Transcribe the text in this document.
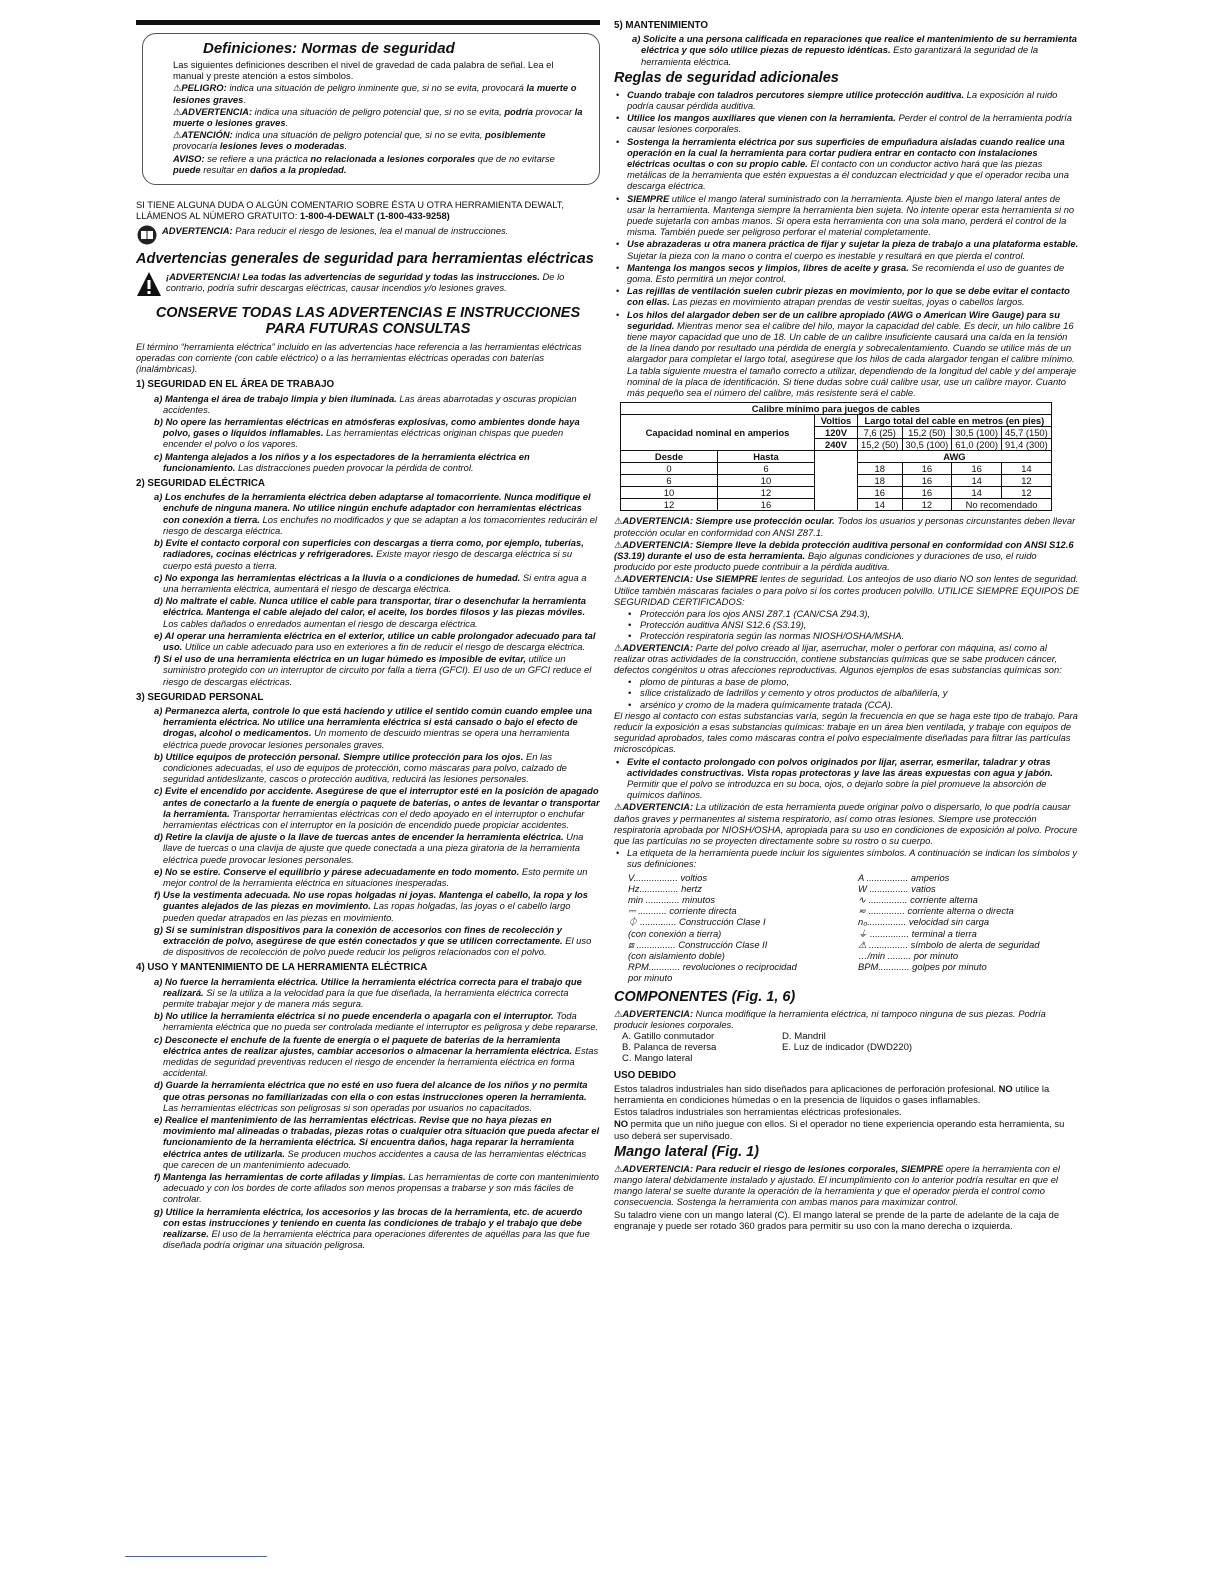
Definiciones: Normas de seguridad

Las siguientes definiciones describen el nivel de gravedad de cada palabra de señal. Lea el manual y preste atención a estos símbolos.

⚠PELIGRO: indica una situación de peligro inminente que, si no se evita, provocará la muerte o lesiones graves.

⚠ADVERTENCIA: indica una situación de peligro potencial que, si no se evita, podría provocar la muerte o lesiones graves.

⚠ATENCIÓN: indica una situación de peligro potencial que, si no se evita, posiblemente provocaría lesiones leves o moderadas.

AVISO: se refiere a una práctica no relacionada a lesiones corporales que de no evitarse puede resultar en daños a la propiedad.

SI TIENE ALGUNA DUDA O ALGÚN COMENTARIO SOBRE ÉSTA U OTRA HERRAMIENTA DEWALT, LLÁMENOS AL NÚMERO GRATUITO: 1-800-4-DEWALT (1-800-433-9258)

ADVERTENCIA: Para reducir el riesgo de lesiones, lea el manual de instrucciones.

Advertencias generales de seguridad para herramientas eléctricas

¡ADVERTENCIA! Lea todas las advertencias de seguridad y todas las instrucciones. De lo contrario, podría sufrir descargas eléctricas, causar incendios y/o lesiones graves.

CONSERVE TODAS LAS ADVERTENCIAS E INSTRUCCIONES PARA FUTURAS CONSULTAS

El término “herramienta eléctrica” incluido en las advertencias hace referencia a las herramientas eléctricas operadas con corriente (con cable eléctrico) o a las herramientas eléctricas operadas con baterías (inalámbricas).

1) SEGURIDAD EN EL ÁREA DE TRABAJO

a) Mantenga el área de trabajo limpia y bien iluminada. Las áreas abarrotadas y oscuras propician accidentes.

b) No opere las herramientas eléctricas en atmósferas explosivas, como ambientes donde haya polvo, gases o líquidos inflamables. Las herramientas eléctricas originan chispas que pueden encender el polvo o los vapores.

c) Mantenga alejados a los niños y a los espectadores de la herramienta eléctrica en funcionamiento. Las distracciones pueden provocar la pérdida de control.

2) SEGURIDAD ELÉCTRICA

a) Los enchufes de la herramienta eléctrica deben adaptarse al tomacorriente. Nunca modifique el enchufe de ninguna manera. No utilice ningún enchufe adaptador con herramientas eléctricas con conexión a tierra. Los enchufes no modificados y que se adaptan a los tomacorrientes reducirán el riesgo de descarga eléctrica.

b) Evite el contacto corporal con superficies con descargas a tierra como, por ejemplo, tuberías, radiadores, cocinas eléctricas y refrigeradores. Existe mayor riesgo de descarga eléctrica si su cuerpo está puesto a tierra.

c) No exponga las herramientas eléctricas a la lluvia o a condiciones de humedad. Si entra agua a una herramienta eléctrica, aumentará el riesgo de descarga eléctrica.

d) No maltrate el cable. Nunca utilice el cable para transportar, tirar o desenchufar la herramienta eléctrica. Mantenga el cable alejado del calor, el aceite, los bordes filosos y las piezas móviles. Los cables dañados o enredados aumentan el riesgo de descarga eléctrica.

e) Al operar una herramienta eléctrica en el exterior, utilice un cable prolongador adecuado para tal uso. Utilice un cable adecuado para uso en exteriores a fin de reducir el riesgo de descarga eléctrica.

f) Si el uso de una herramienta eléctrica en un lugar húmedo es imposible de evitar, utilice un suministro protegido con un interruptor de circuito por falla a tierra (GFCI). El uso de un GFCI reduce el riesgo de descargas eléctricas.

3) SEGURIDAD PERSONAL

a) Permanezca alerta, controle lo que está haciendo y utilice el sentido común cuando emplee una herramienta eléctrica. No utilice una herramienta eléctrica si está cansado o bajo el efecto de drogas, alcohol o medicamentos. Un momento de descuido mientras se opera una herramienta eléctrica puede provocar lesiones personales graves.

b) Utilice equipos de protección personal. Siempre utilice protección para los ojos. En las condiciones adecuadas, el uso de equipos de protección, como máscaras para polvo, calzado de seguridad antideslizante, cascos o protección auditiva, reducirá las lesiones personales.

c) Evite el encendido por accidente. Asegúrese de que el interruptor esté en la posición de apagado antes de conectarlo a la fuente de energía o paquete de baterías, o antes de levantar o transportar la herramienta. Transportar herramientas eléctricas con el dedo apoyado en el interruptor o enchufar herramientas eléctricas con el interruptor en la posición de encendido puede propiciar accidentes.

d) Retire la clavija de ajuste o la llave de tuercas antes de encender la herramienta eléctrica. Una llave de tuercas o una clavija de ajuste que quede conectada a una pieza giratoria de la herramienta eléctrica puede provocar lesiones personales.

e) No se estire. Conserve el equilibrio y párese adecuadamente en todo momento. Esto permite un mejor control de la herramienta eléctrica en situaciones inesperadas.

f) Use la vestimenta adecuada. No use ropas holgadas ni joyas. Mantenga el cabello, la ropa y los guantes alejados de las piezas en movimiento. Las ropas holgadas, las joyas o el cabello largo pueden quedar atrapados en las piezas en movimiento.

g) Si se suministran dispositivos para la conexión de accesorios con fines de recolección y extracción de polvo, asegúrese de que estén conectados y que se utilicen correctamente. El uso de dispositivos de recolección de polvo puede reducir los peligros relacionados con el polvo.

4) USO Y MANTENIMIENTO DE LA HERRAMIENTA ELÉCTRICA

a) No fuerce la herramienta eléctrica. Utilice la herramienta eléctrica correcta para el trabajo que realizará. Si se la utiliza a la velocidad para la que fue diseñada, la herramienta eléctrica correcta permite trabajar mejor y de manera más segura.

b) No utilice la herramienta eléctrica si no puede encenderla o apagarla con el interruptor. Toda herramienta eléctrica que no pueda ser controlada mediante el interruptor es peligrosa y debe repararse.

c) Desconecte el enchufe de la fuente de energía o el paquete de baterías de la herramienta eléctrica antes de realizar ajustes, cambiar accesorios o almacenar la herramienta eléctrica. Estas medidas de seguridad preventivas reducen el riesgo de encender la herramienta eléctrica en forma accidental.

d) Guarde la herramienta eléctrica que no esté en uso fuera del alcance de los niños y no permita que otras personas no familiarizadas con ella o con estas instrucciones operen la herramienta. Las herramientas eléctricas son peligrosas si son operadas por usuarios no capacitados.

e) Realice el mantenimiento de las herramientas eléctricas. Revise que no haya piezas en movimiento mal alineadas o trabadas, piezas rotas o cualquier otra situación que pueda afectar el funcionamiento de la herramienta eléctrica. Si encuentra daños, haga reparar la herramienta eléctrica antes de utilizarla. Se producen muchos accidentes a causa de las herramientas eléctricas que carecen de un mantenimiento adecuado.

f) Mantenga las herramientas de corte afiladas y limpias. Las herramientas de corte con mantenimiento adecuado y con los bordes de corte afilados son menos propensas a trabarse y son más fáciles de controlar.

g) Utilice la herramienta eléctrica, los accesorios y las brocas de la herramienta, etc. de acuerdo con estas instrucciones y teniendo en cuenta las condiciones de trabajo y el trabajo que debe realizarse. El uso de la herramienta eléctrica para operaciones diferentes de aquéllas para las que fue diseñada podría originar una situación peligrosa.

5) MANTENIMIENTO

a) Solicite a una persona calificada en reparaciones que realice el mantenimiento de su herramienta eléctrica y que sólo utilice piezas de repuesto idénticas. Esto garantizará la seguridad de la herramienta eléctrica.

Reglas de seguridad adicionales

• Cuando trabaje con taladros percutores siempre utilice protección auditiva. La exposición al ruido podría causar pérdida auditiva.

• Utilice los mangos auxiliares que vienen con la herramienta. Perder el control de la herramienta podría causar lesiones corporales.

• Sostenga la herramienta eléctrica por sus superficies de empuñadura aisladas cuando realice una operación en la cual la herramienta para cortar pudiera entrar en contacto con instalaciones eléctricas ocultas o con su propio cable. El contacto con un conductor activo hará que las piezas metálicas de la herramienta que estén expuestas a él conduzcan electricidad y que el operador reciba una descarga eléctrica.

• SIEMPRE utilice el mango lateral suministrado con la herramienta. Ajuste bien el mango lateral antes de usar la herramienta. Mantenga siempre la herramienta bien sujeta. No intente operar esta herramienta si no puede sujetarla con ambas manos. Si opera esta herramienta con una sola mano, perderá el control de la misma. También puede ser peligroso perforar el material completamente.

• Use abrazaderas u otra manera práctica de fijar y sujetar la pieza de trabajo a una plataforma estable. Sujetar la pieza con la mano o contra el cuerpo es inestable y resultará en que pierda el control.

• Mantenga los mangos secos y limpios, libres de aceite y grasa. Se recomienda el uso de guantes de goma. Esto permitirá un mejor control.

• Las rejillas de ventilación suelen cubrir piezas en movimiento, por lo que se debe evitar el contacto con ellas. Las piezas en movimiento atrapan prendas de vestir sueltas, joyas o cabellos largos.

• Los hilos del alargador deben ser de un calibre apropiado (AWG o American Wire Gauge) para su seguridad. Mientras menor sea el calibre del hilo, mayor la capacidad del cable. Es decir, un hilo calibre 16 tiene mayor capacidad que uno de 18. Un cable de un calibre insuficiente causará una caída en la tensión de la línea dando por resultado una pérdida de energía y sobrecalentamiento. Cuando se utilice más de un alargador para completar el largo total, asegúrese que los hilos de cada alargador tengan el calibre mínimo. La tabla siguiente muestra el tamaño correcto a utilizar, dependiendo de la longitud del cable y del amperaje nominal de la placa de identificación. Si tiene dudas sobre cuál calibre usar, use un calibre mayor. Cuanto más pequeño sea el número del calibre, más resistente será el cable.

Calibre mínimo para juegos de cables						
Capacidad nominal en amperios		Voltios	Largo total del cable en metros (en pies)			
		120V	7,6 (25)	15,2 (50)	30,5 (100)	45,7 (150)
		240V	15,2 (50)	30,5 (100)	61,0 (200)	91,4 (300)
Desde	Hasta		AWG			
0	6		18	16	16	14
6	10		18	16	14	12
10	12		16	16	14	12
12	16		14	12	No recomendado	

⚠ADVERTENCIA: Siempre use protección ocular. Todos los usuarios y personas circunstantes deben llevar protección ocular en conformidad con ANSI Z87.1.

⚠ADVERTENCIA: Siempre lleve la debida protección auditiva personal en conformidad con ANSI S12.6 (S3.19) durante el uso de esta herramienta. Bajo algunas condiciones y duraciones de uso, el ruido producido por este producto puede contribuir a la pérdida auditiva.

⚠ADVERTENCIA: Use SIEMPRE lentes de seguridad. Los anteojos de uso diario NO son lentes de seguridad. Utilice también máscaras faciales o para polvo si los cortes producen polvillo. UTILICE SIEMPRE EQUIPOS DE SEGURIDAD CERTIFICADOS:

• Protección para los ojos ANSI Z87.1 (CAN/CSA Z94.3),
• Protección auditiva ANSI S12.6 (S3.19),
• Protección respiratoria según las normas NIOSH/OSHA/MSHA.

⚠ADVERTENCIA: Parte del polvo creado al lijar, aserruchar, moler o perforar con máquina, así como al realizar otras actividades de la construcción, contiene substancias químicas que se sabe producen cáncer, defectos congénitos u otras afecciones reproductivas. Algunos ejemplos de esas substancias químicas son:

• plomo de pinturas a base de plomo,
• sílice cristalizado de ladrillos y cemento y otros productos de albañilería, y
• arsénico y cromo de la madera químicamente tratada (CCA).

El riesgo al contacto con estas substancias varía, según la frecuencia en que se haga este tipo de trabajo. Para reducir la exposición a esas substancias químicas: trabaje en un área bien ventilada, y trabaje con equipos de seguridad aprobados, tales como máscaras contra el polvo especialmente diseñadas para filtrar las partículas microscópicas.

• Evite el contacto prolongado con polvos originados por lijar, aserrar, esmerilar, taladrar y otras actividades constructivas. Vista ropas protectoras y lave las áreas expuestas con agua y jabón. Permitir que el polvo se introduzca en su boca, ojos, o dejarlo sobre la piel promueve la absorción de químicos dañinos.

⚠ADVERTENCIA: La utilización de esta herramienta puede originar polvo o dispersarlo, lo que podría causar daños graves y permanentes al sistema respiratorio, así como otras lesiones. Siempre use protección respiratoria aprobada por NIOSH/OSHA, apropiada para su uso en condiciones de exposición al polvo. Procure que las partículas no se proyecten directamente sobre su rostro o su cuerpo.

• La etiqueta de la herramienta puede incluir los siguientes símbolos. A continuación se indican los símbolos y sus definiciones:

V................. voltios	A ................ amperios
Hz............... hertz	W ............... vatios
min ............. minutos	∿ ............... corriente alterna
⎓ ........... corriente directa	≂ .............. corriente alterna o directa
⏀ .............. Construcción Clase I	n₀............... velocidad sin carga
(con conexión a tierra)	⏚ ............... terminal a tierra
⧈ ............... Construcción Clase II	⚠ ............... símbolo de alerta de seguridad
(con aislamiento doble)	…/min ......... por minuto
RPM............ revoluciones o reciprocidad	BPM............ golpes por minuto
por minuto
COMPONENTES (Fig. 1, 6)

⚠ADVERTENCIA: Nunca modifique la herramienta eléctrica, ni tampoco ninguna de sus piezas. Podría producir lesiones corporales.

A. Gatillo conmutador	D. Mandril
B. Palanca de reversa	E. Luz de indicador (DWD220)
C. Mango lateral
USO DEBIDO

Estos taladros industriales han sido diseñados para aplicaciones de perforación profesional. NO utilice la herramienta en condiciones húmedas o en la presencia de líquidos o gases inflamables.

Estos taladros industriales son herramientas eléctricas profesionales.

NO permita que un niño juegue con ellos. Si el operador no tiene experiencia operando esta herramienta, su uso deberá ser supervisado.

Mango lateral (Fig. 1)

⚠ADVERTENCIA: Para reducir el riesgo de lesiones corporales, SIEMPRE opere la herramienta con el mango lateral debidamente instalado y ajustado. El incumplimiento con lo anterior podría resultar en que el mango lateral se suelte durante la operación de la herramienta y que el operador pierda el control como consecuencia. Sostenga la herramienta con ambas manos para maximizar control.

Su taladro viene con un mango lateral (C). El mango lateral se prende de la parte de adelante de la caja de engranaje y puede ser rotado 360 grados para permitir su uso con la mano derecha o izquierda.
